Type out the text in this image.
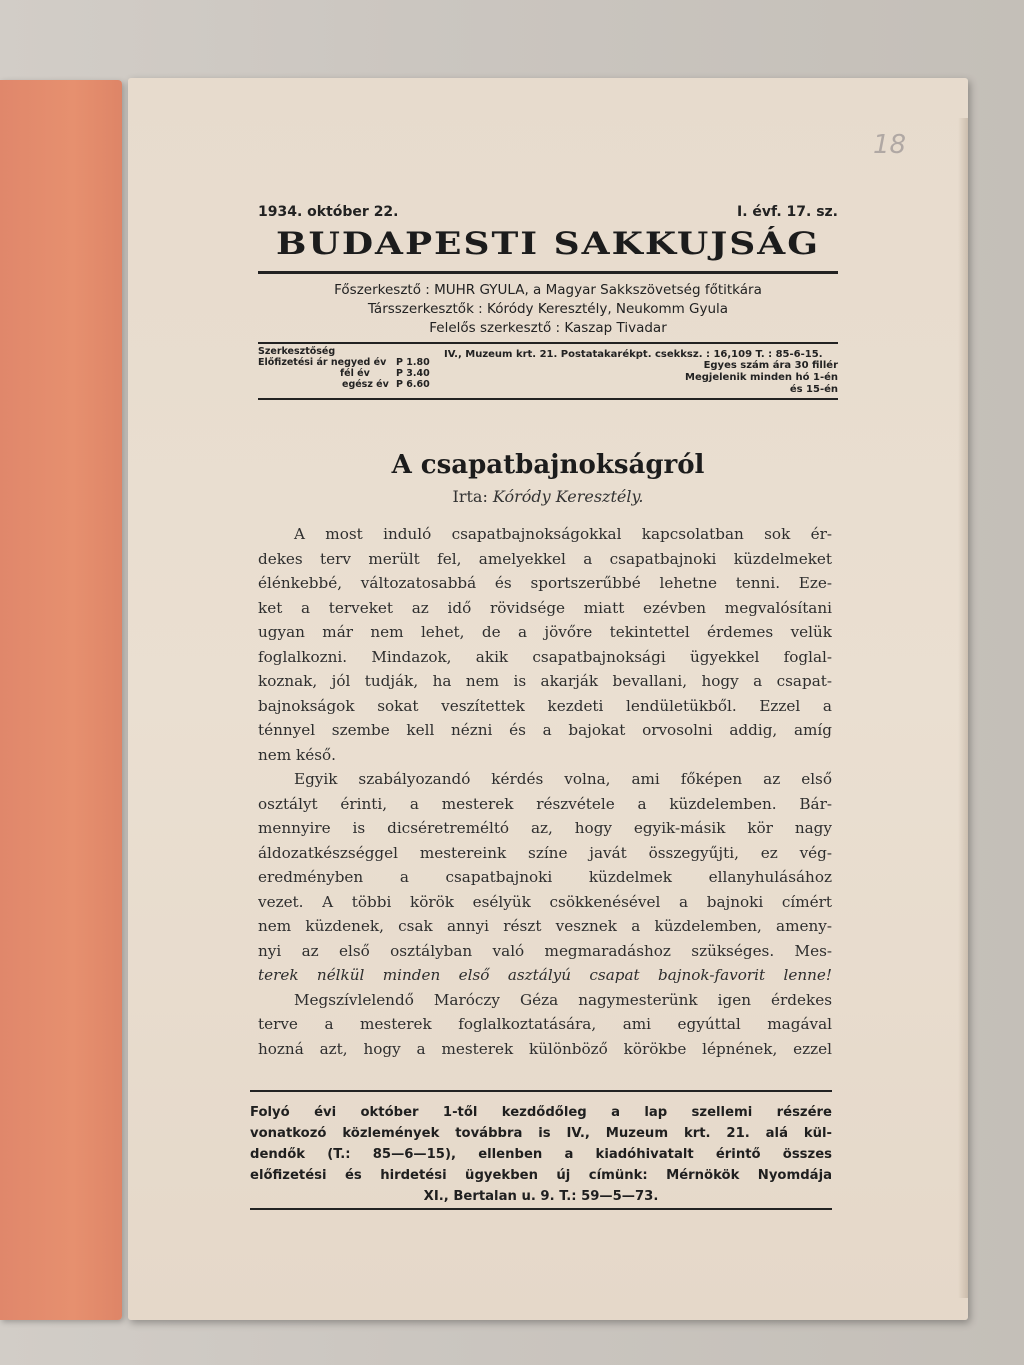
18
1934. október 22.	I. évf. 17. sz.
BUDAPESTI SAKKUJSÁG
Főszerkesztő : MUHR GYULA, a Magyar Sakkszövetség főtitkára
Társszerkesztők : Kóródy Keresztély, Neukomm Gyula
Felelős szerkesztő : Kaszap Tivadar
Szerkesztőség
Előfizetési ár negyed év P 1.80
fél év	P 3.40
egész év P 6.60
IV., Muzeum krt. 21. Postatakarékpt. csekksz. : 16,109 T. : 85-6-15.
Egyes szám ára 30 fillér
Megjelenik minden hó 1-én
és 15-én
A csapatbajnokságról
Irta: Kóródy Keresztély.
A most induló csapatbajnokságokkal kapcsolatban sok ér-
dekes terv merült fel, amelyekkel a csapatbajnoki küzdelmeket
élénkebbé, változatosabbá és sportszerűbbé lehetne tenni. Eze-
ket a terveket az idő rövidsége miatt ezévben megvalósítani
ugyan már nem lehet, de a jövőre tekintettel érdemes velük
foglalkozni. Mindazok, akik csapatbajnoksági ügyekkel foglal-
koznak, jól tudják, ha nem is akarják bevallani, hogy a csapat-
bajnokságok sokat veszítettek kezdeti lendületükből. Ezzel a
ténnyel szembe kell nézni és a bajokat orvosolni addig, amíg
nem késő.
Egyik szabályozandó kérdés volna, ami főképen az első
osztályt érinti, a mesterek részvétele a küzdelemben. Bár-
mennyire is dicséretreméltó az, hogy egyik-másik kör nagy
áldozatkészséggel mestereink színe javát összegyűjti, ez vég-
eredményben a csapatbajnoki küzdelmek ellanyhulásához
vezet. A többi körök esélyük csökkenésével a bajnoki címért
nem küzdenek, csak annyi részt vesznek a küzdelemben, ameny-
nyi az első osztályban való megmaradáshoz szükséges. Mes-
terek nélkül minden első asztályú csapat bajnok-favorit lenne!
Megszívlelendő Maróczy Géza nagymesterünk igen érdekes
terve a mesterek foglalkoztatására, ami egyúttal magával
hozná azt, hogy a mesterek különböző körökbe lépnének, ezzel
Folyó évi október 1-től kezdődőleg a lap szellemi részére
vonatkozó közlemények továbbra is IV., Muzeum krt. 21. alá kül-
dendők (T.: 85—6—15), ellenben a kiadóhivatalt érintő összes
előfizetési és hirdetési ügyekben új címünk: Mérnökök Nyomdája
XI., Bertalan u. 9. T.: 59—5—73.
